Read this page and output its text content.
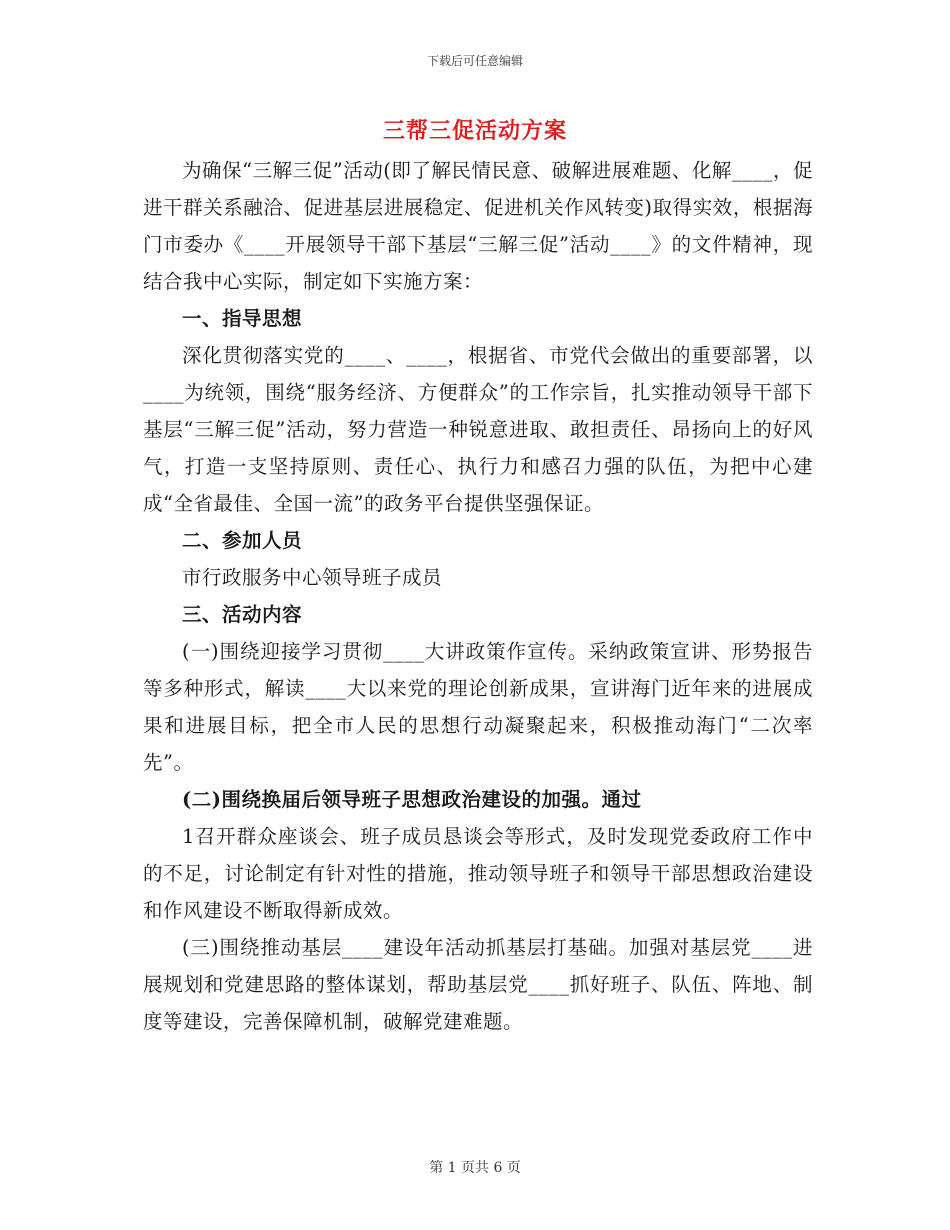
下载后可任意编辑
三帮三促活动方案

为确保“三解三促”活动(即了解民情民意、破解进展难题、化解____，促进干群关系融洽、促进基层进展稳定、促进机关作风转变)取得实效，根据海门市委办《____开展领导干部下基层“三解三促”活动____》的文件精神，现结合我中心实际，制定如下实施方案：

一、指导思想

深化贯彻落实党的____、____，根据省、市党代会做出的重要部署，以____为统领，围绕“服务经济、方便群众”的工作宗旨，扎实推动领导干部下基层“三解三促”活动，努力营造一种锐意进取、敢担责任、昂扬向上的好风气，打造一支坚持原则、责任心、执行力和感召力强的队伍，为把中心建成“全省最佳、全国一流”的政务平台提供坚强保证。

二、参加人员

市行政服务中心领导班子成员

三、活动内容

(一)围绕迎接学习贯彻____大讲政策作宣传。采纳政策宣讲、形势报告等多种形式，解读____大以来党的理论创新成果，宣讲海门近年来的进展成果和进展目标，把全市人民的思想行动凝聚起来，积极推动海门“二次率先”。

(二)围绕换届后领导班子思想政治建设的加强。通过

1召开群众座谈会、班子成员恳谈会等形式，及时发现党委政府工作中的不足，讨论制定有针对性的措施，推动领导班子和领导干部思想政治建设和作风建设不断取得新成效。

(三)围绕推动基层____建设年活动抓基层打基础。加强对基层党____进展规划和党建思路的整体谋划，帮助基层党____抓好班子、队伍、阵地、制度等建设，完善保障机制，破解党建难题。

第 1 页共 6 页
